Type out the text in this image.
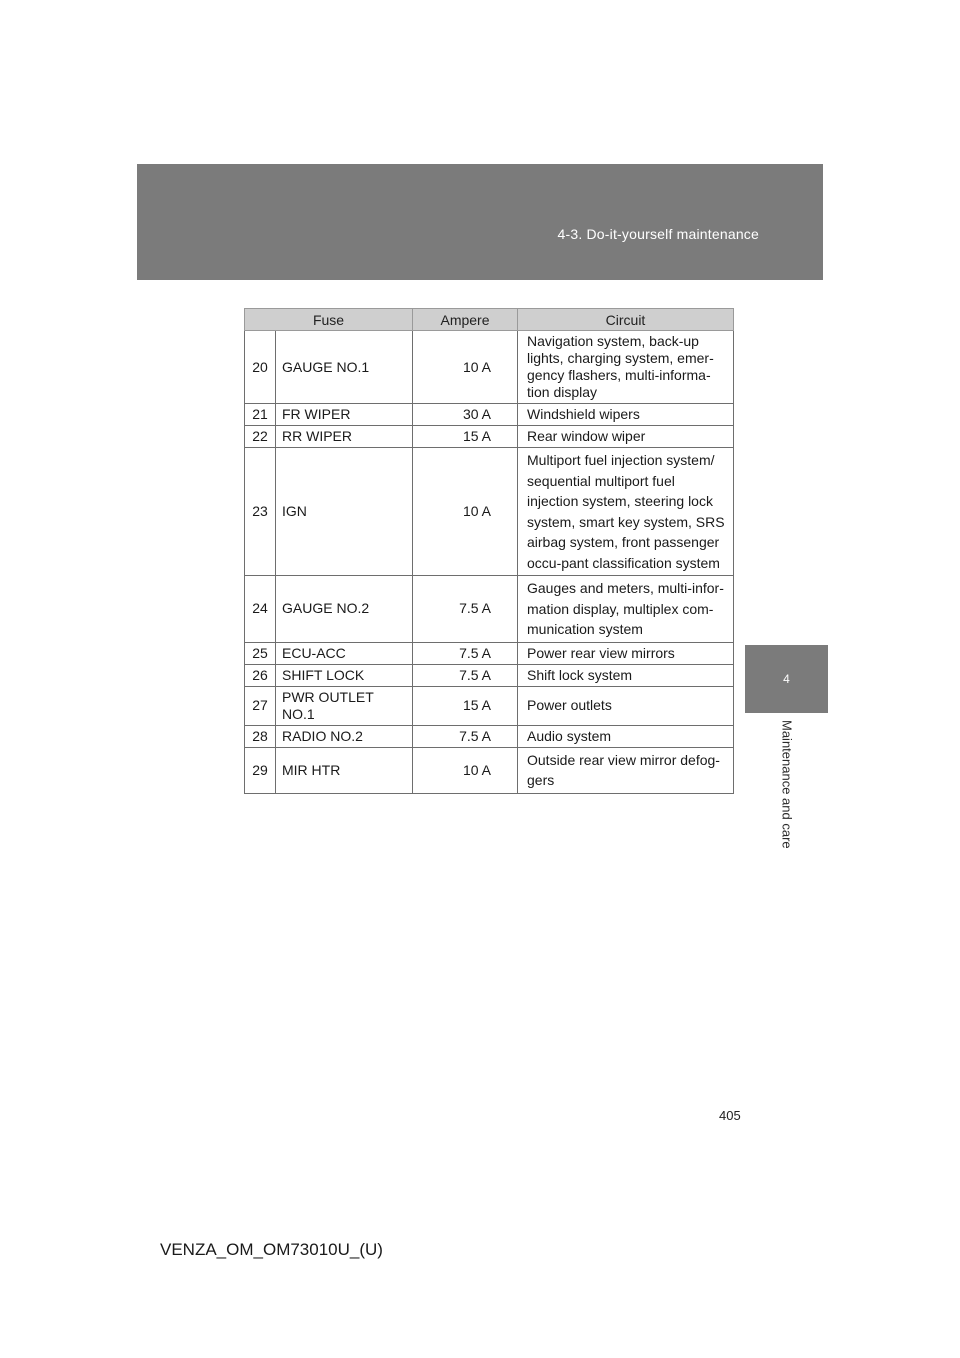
4-3. Do-it-yourself maintenance
4
Maintenance and care
Fuse		Ampere	Circuit
20	GAUGE NO.1	10 A	Navigation system, back-up lights, charging system, emer-gency flashers, multi-informa-tion display
21	FR WIPER	30 A	Windshield wipers
22	RR WIPER	15 A	Rear window wiper
23	IGN	10 A	Multiport fuel injection system/ sequential multiport fuel injection system, steering lock system, smart key system, SRS airbag system, front passenger occu-pant classification system
24	GAUGE NO.2	7.5 A	Gauges and meters, multi-infor-mation display, multiplex com-munication system
25	ECU-ACC	7.5 A	Power rear view mirrors
26	SHIFT LOCK	7.5 A	Shift lock system
27	PWR OUTLET NO.1	15 A	Power outlets
28	RADIO NO.2	7.5 A	Audio system
29	MIR HTR	10 A	Outside rear view mirror defog-gers
405
VENZA_OM_OM73010U_(U)
